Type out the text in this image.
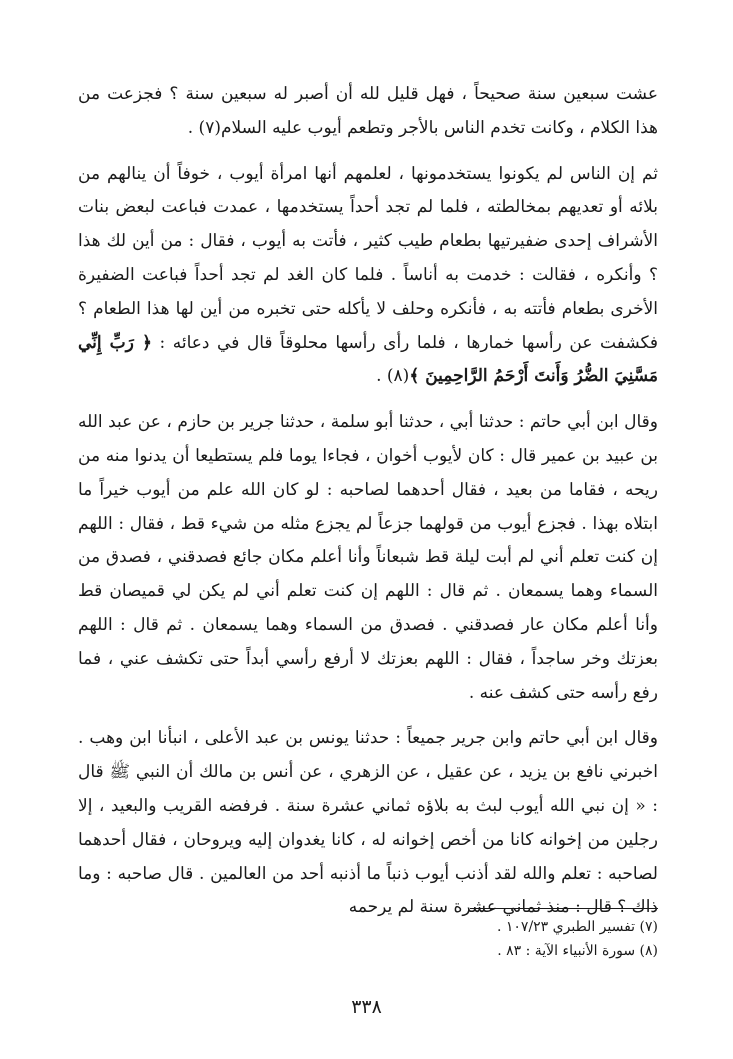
عشت سبعين سنة صحيحاً ، فهل قليل لله أن أصبر له سبعين سنة ؟ فجزعت من هذا الكلام ، وكانت تخدم الناس بالأجر وتطعم أيوب عليه السلام(٧) .

ثم إن الناس لم يكونوا يستخدمونها ، لعلمهم أنها امرأة أيوب ، خوفاً أن ينالهم من بلائه أو تعديهم بمخالطته ، فلما لم تجد أحداً يستخدمها ، عمدت فباعت لبعض بنات الأشراف إحدى ضفيرتيها بطعام طيب كثير ، فأتت به أيوب ، فقال : من أين لك هذا ؟ وأنكره ، فقالت : خدمت به أناساً . فلما كان الغد لم تجد أحداً فباعت الضفيرة الأخرى بطعام فأتته به ، فأنكره وحلف لا يأكله حتى تخبره من أين لها هذا الطعام ؟ فكشفت عن رأسها خمارها ، فلما رأى رأسها محلوقاً قال في دعائه : ﴿ رَبِّ إِنِّي مَسَّنِيَ الضُّرُ وَأَنتَ أَرْحَمُ الرَّاحِمِينَ ﴾(٨) .

وقال ابن أبي حاتم : حدثنا أبي ، حدثنا أبو سلمة ، حدثنا جرير بن حازم ، عن عبد الله بن عبيد بن عمير قال : كان لأيوب أخوان ، فجاءا يوما فلم يستطيعا أن يدنوا منه من ريحه ، فقاما من بعيد ، فقال أحدهما لصاحبه : لو كان الله علم من أيوب خيراً ما ابتلاه بهذا . فجزع أيوب من قولهما جزعاً لم يجزع مثله من شيء قط ، فقال : اللهم إن كنت تعلم أني لم أبت ليلة قط شبعاناً وأنا أعلم مكان جائع فصدقني ، فصدق من السماء وهما يسمعان . ثم قال : اللهم إن كنت تعلم أني لم يكن لي قميصان قط وأنا أعلم مكان عار فصدقني . فصدق من السماء وهما يسمعان . ثم قال : اللهم بعزتك وخر ساجداً ، فقال : اللهم بعزتك لا أرفع رأسي أبداً حتى تكشف عني ، فما رفع رأسه حتى كشف عنه .

وقال ابن أبي حاتم وابن جرير جميعاً : حدثنا يونس بن عبد الأعلى ، انبأنا ابن وهب . اخبرني نافع بن يزيد ، عن عقيل ، عن الزهري ، عن أنس بن مالك أن النبي ﷺ قال : « إن نبي الله أيوب لبث به بلاؤه ثماني عشرة سنة . فرفضه القريب والبعيد ، إلا رجلين من إخوانه كانا من أخص إخوانه له ، كانا يغدوان إليه ويروحان ، فقال أحدهما لصاحبه : تعلم والله لقد أذنب أيوب ذنباً ما أذنبه أحد من العالمين . قال صاحبه : وما ذاك ؟ قال : منذ ثماني عشرة سنة لم يرحمه

(٧) تفسير الطبري ١٠٧/٢٣ .

(٨) سورة الأنبياء الآية : ٨٣ .

٣٣٨
